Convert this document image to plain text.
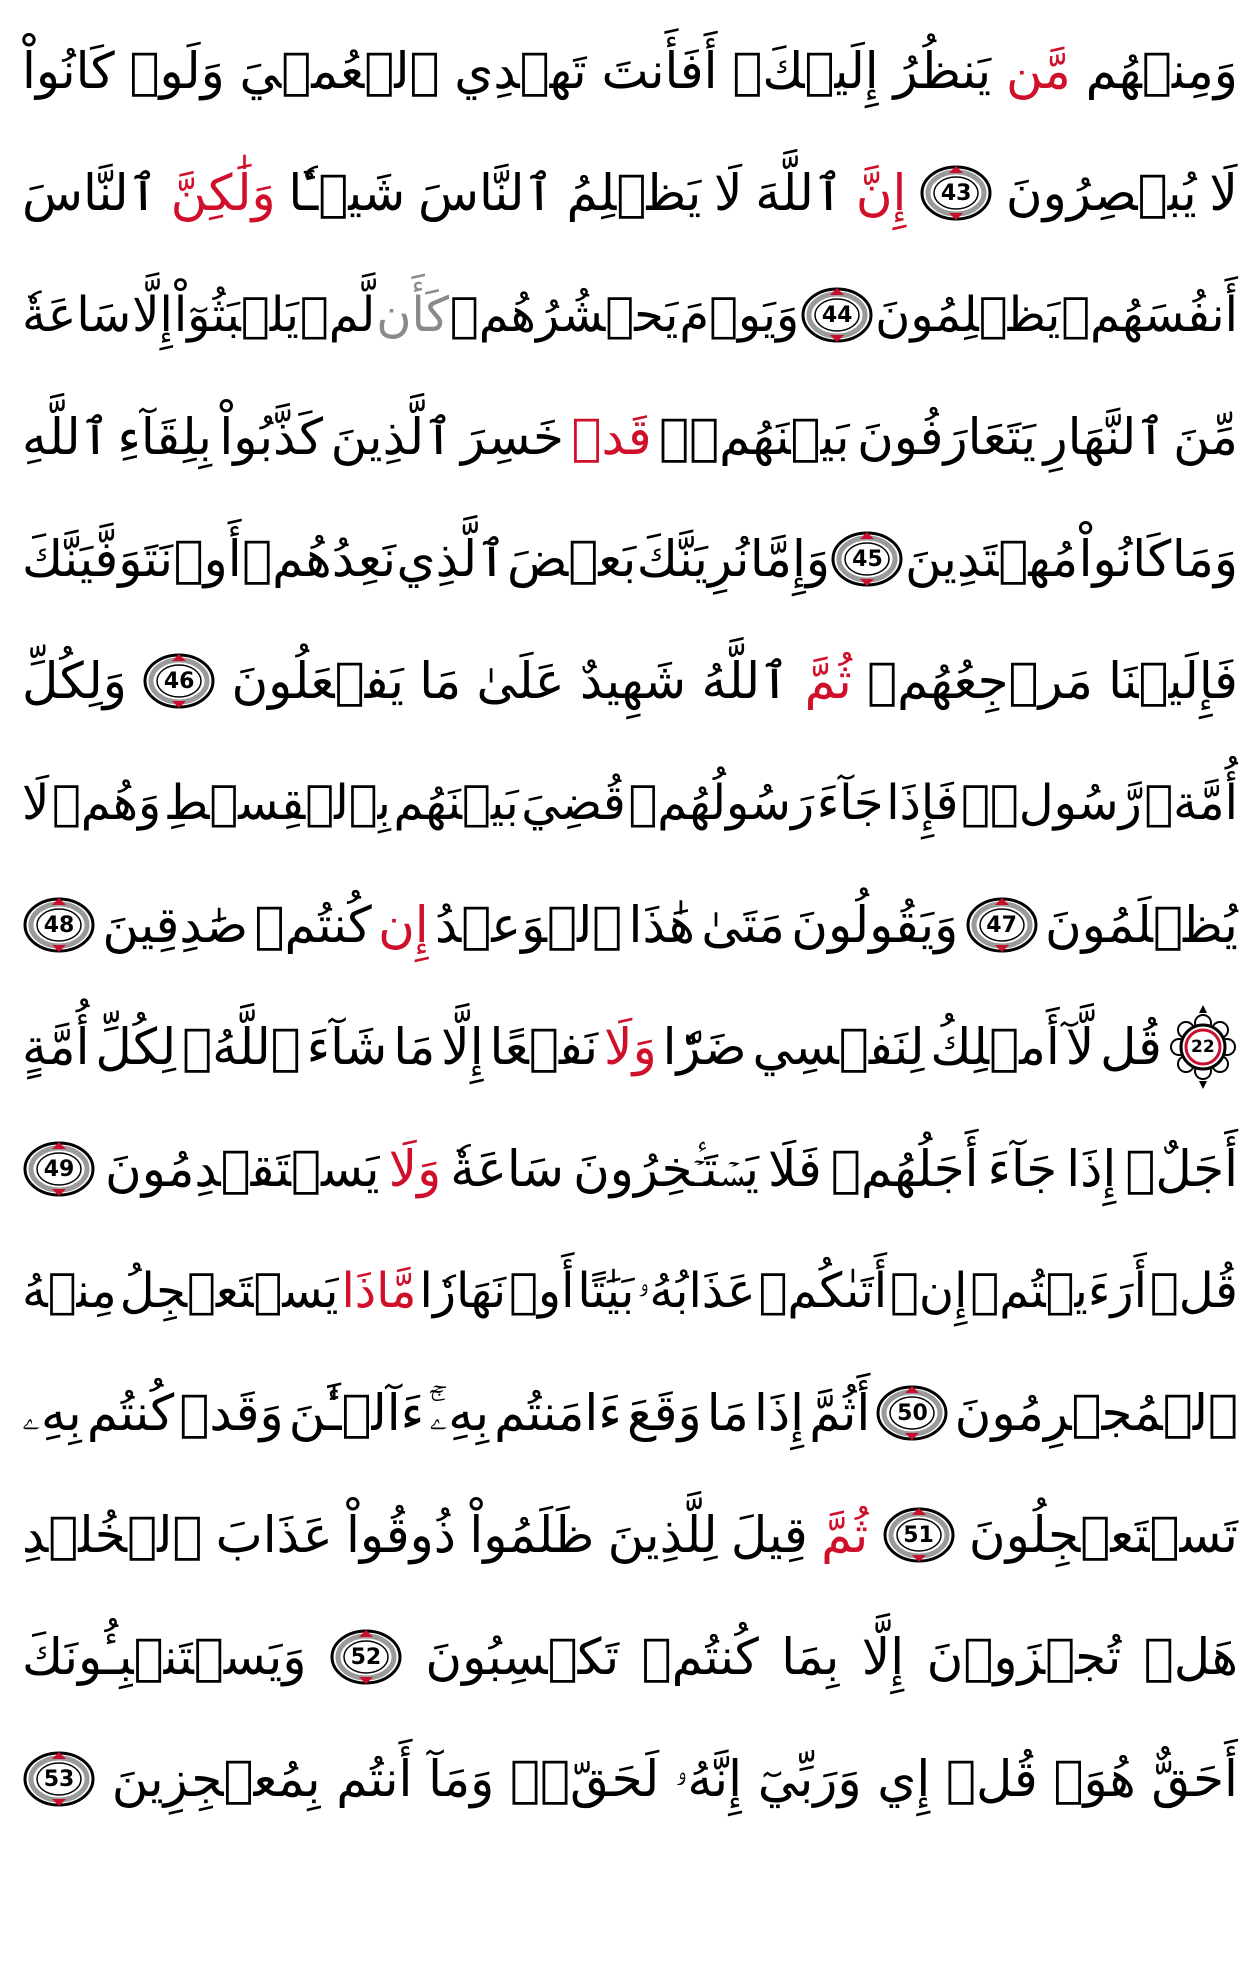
وَمِنۡهُم
مَّن
يَنظُرُ
إِلَيۡكَۚ
أَفَأَنتَ
تَهۡدِي
ٱلۡعُمۡيَ
وَلَوۡ
كَانُواْ
لَا
يُبۡصِرُونَ
43
إِنَّ
ٱللَّهَ
لَا
يَظۡلِمُ
ٱلنَّاسَ
شَيۡـٔٗا
وَلَٰكِنَّ
ٱلنَّاسَ
أَنفُسَهُمۡ
يَظۡلِمُونَ
44
وَيَوۡمَ
يَحۡشُرُهُمۡ
كَأَن
لَّمۡ
يَلۡبَثُوٓاْ
إِلَّا
سَاعَةٗ
مِّنَ
ٱلنَّهَارِ
يَتَعَارَفُونَ
بَيۡنَهُمۡۚ
قَدۡ
خَسِرَ
ٱلَّذِينَ
كَذَّبُواْ
بِلِقَآءِ
ٱللَّهِ
وَمَا
كَانُواْ
مُهۡتَدِينَ
45
وَإِمَّا
نُرِيَنَّكَ
بَعۡضَ
ٱلَّذِي
نَعِدُهُمۡ
أَوۡ
نَتَوَفَّيَنَّكَ
فَإِلَيۡنَا
مَرۡجِعُهُمۡ
ثُمَّ
ٱللَّهُ
شَهِيدٌ
عَلَىٰ
مَا
يَفۡعَلُونَ
46
وَلِكُلِّ
أُمَّةٖ
رَّسُولٞۖ
فَإِذَا
جَآءَ
رَسُولُهُمۡ
قُضِيَ
بَيۡنَهُم
بِٱلۡقِسۡطِ
وَهُمۡ
لَا
يُظۡلَمُونَ
47
وَيَقُولُونَ
مَتَىٰ
هَٰذَا
ٱلۡوَعۡدُ
إِن
كُنتُمۡ
صَٰدِقِينَ
48
22
قُل
لَّآ
أَمۡلِكُ
لِنَفۡسِي
ضَرّٗا
وَلَا
نَفۡعًا
إِلَّا
مَا
شَآءَ
ٱللَّهُۗ
لِكُلِّ
أُمَّةٍ
أَجَلٌۚ
إِذَا
جَآءَ
أَجَلُهُمۡ
فَلَا
يَسۡتَـٔۡخِرُونَ
سَاعَةٗ
وَلَا
يَسۡتَقۡدِمُونَ
49
قُلۡ
أَرَءَيۡتُمۡ
إِنۡ
أَتَىٰكُمۡ
عَذَابُهُۥ
بَيَٰتًا
أَوۡ
نَهَارٗا
مَّاذَا
يَسۡتَعۡجِلُ
مِنۡهُ
ٱلۡمُجۡرِمُونَ
50
أَثُمَّ
إِذَا
مَا
وَقَعَ
ءَامَنتُم
بِهِۦٓۚ
ءَآلۡـَٰٔنَ
وَقَدۡ
كُنتُم
بِهِۦ
تَسۡتَعۡجِلُونَ
51
ثُمَّ
قِيلَ
لِلَّذِينَ
ظَلَمُواْ
ذُوقُواْ
عَذَابَ
ٱلۡخُلۡدِ
هَلۡ
تُجۡزَوۡنَ
إِلَّا
بِمَا
كُنتُمۡ
تَكۡسِبُونَ
52
وَيَسۡتَنۢبِـُٔونَكَ
أَحَقٌّ
هُوَۖ
قُلۡ
إِي
وَرَبِّيٓ
إِنَّهُۥ
لَحَقّٞۖ
وَمَآ
أَنتُم
بِمُعۡجِزِينَ
53
